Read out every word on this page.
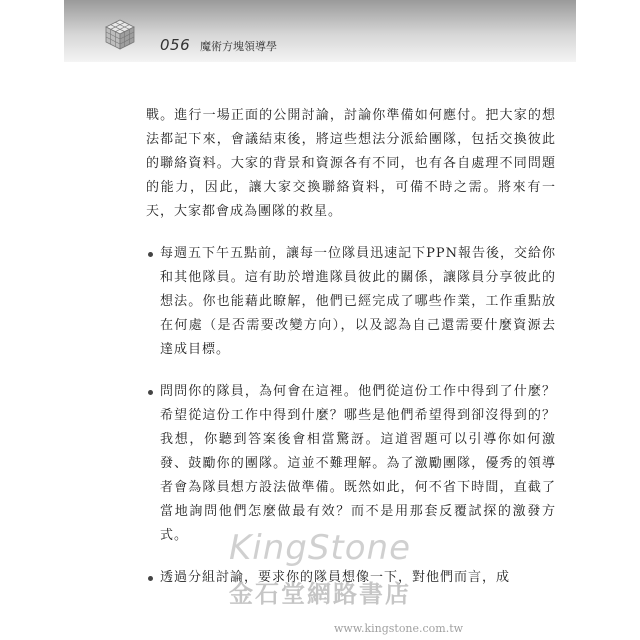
056 魔術方塊領導學

戰。進行一場正面的公開討論，討論你準備如何應付。把大家的想法都記下來，會議結束後，將這些想法分派給團隊，包括交換彼此的聯絡資料。大家的背景和資源各有不同，也有各自處理不同問題的能力，因此，讓大家交換聯絡資料，可備不時之需。將來有一天，大家都會成為團隊的救星。

每週五下午五點前，讓每一位隊員迅速記下PPN報告後，交給你和其他隊員。這有助於增進隊員彼此的關係，讓隊員分享彼此的想法。你也能藉此瞭解，他們已經完成了哪些作業，工作重點放在何處（是否需要改變方向），以及認為自己還需要什麼資源去達成目標。

問問你的隊員，為何會在這裡。他們從這份工作中得到了什麼？希望從這份工作中得到什麼？哪些是他們希望得到卻沒得到的？我想，你聽到答案後會相當驚訝。這道習題可以引導你如何激發、鼓勵你的團隊。這並不難理解。為了激勵團隊，優秀的領導者會為隊員想方設法做準備。既然如此，何不省下時間，直截了當地詢問他們怎麼做最有效？而不是用那套反覆試探的激發方式。

透過分組討論，要求你的隊員想像一下，對他們而言，成

KingStone
金石堂網路書店
www.kingstone.com.tw
